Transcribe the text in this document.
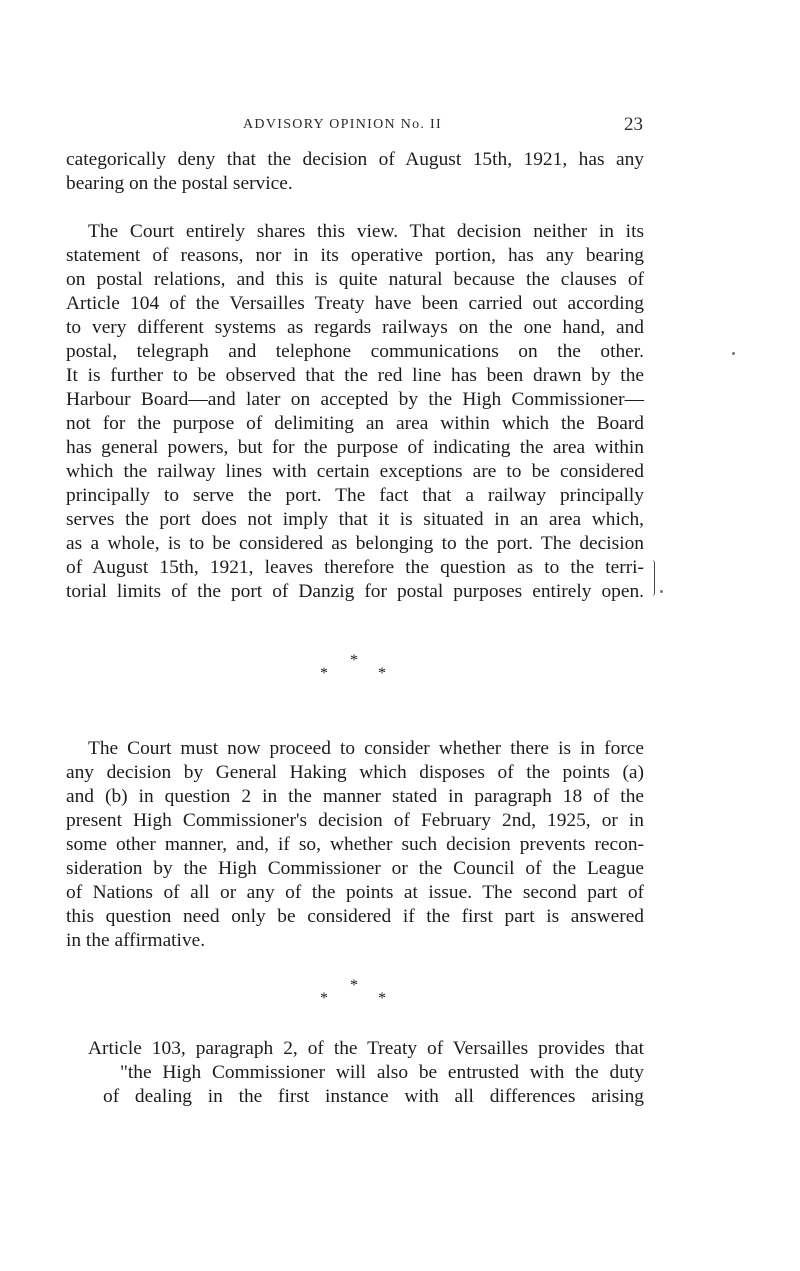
ADVISORY OPINION No. II	23
categorically deny that the decision of August 15th, 1921, has any
bearing on the postal service.
The Court entirely shares this view. That decision neither in its
statement of reasons, nor in its operative portion, has any bearing
on postal relations, and this is quite natural because the clauses of
Article 104 of the Versailles Treaty have been carried out according
to very different systems as regards railways on the one hand, and
postal, telegraph and telephone communications on the other.
It is further to be observed that the red line has been drawn by the
Harbour Board—and later on accepted by the High Commissioner—
not for the purpose of delimiting an area within which the Board
has general powers, but for the purpose of indicating the area within
which the railway lines with certain exceptions are to be considered
principally to serve the port. The fact that a railway principally
serves the port does not imply that it is situated in an area which,
as a whole, is to be considered as belonging to the port. The decision
of August 15th, 1921, leaves therefore the question as to the terri-
torial limits of the port of Danzig for postal purposes entirely open.
*
*	*
The Court must now proceed to consider whether there is in force
any decision by General Haking which disposes of the points (a)
and (b) in question 2 in the manner stated in paragraph 18 of the
present High Commissioner's decision of February 2nd, 1925, or in
some other manner, and, if so, whether such decision prevents recon-
sideration by the High Commissioner or the Council of the League
of Nations of all or any of the points at issue. The second part of
this question need only be considered if the first part is answered
in the affirmative.
*
*	*
Article 103, paragraph 2, of the Treaty of Versailles provides that
"the High Commissioner will also be entrusted with the duty
of dealing in the first instance with all differences arising
